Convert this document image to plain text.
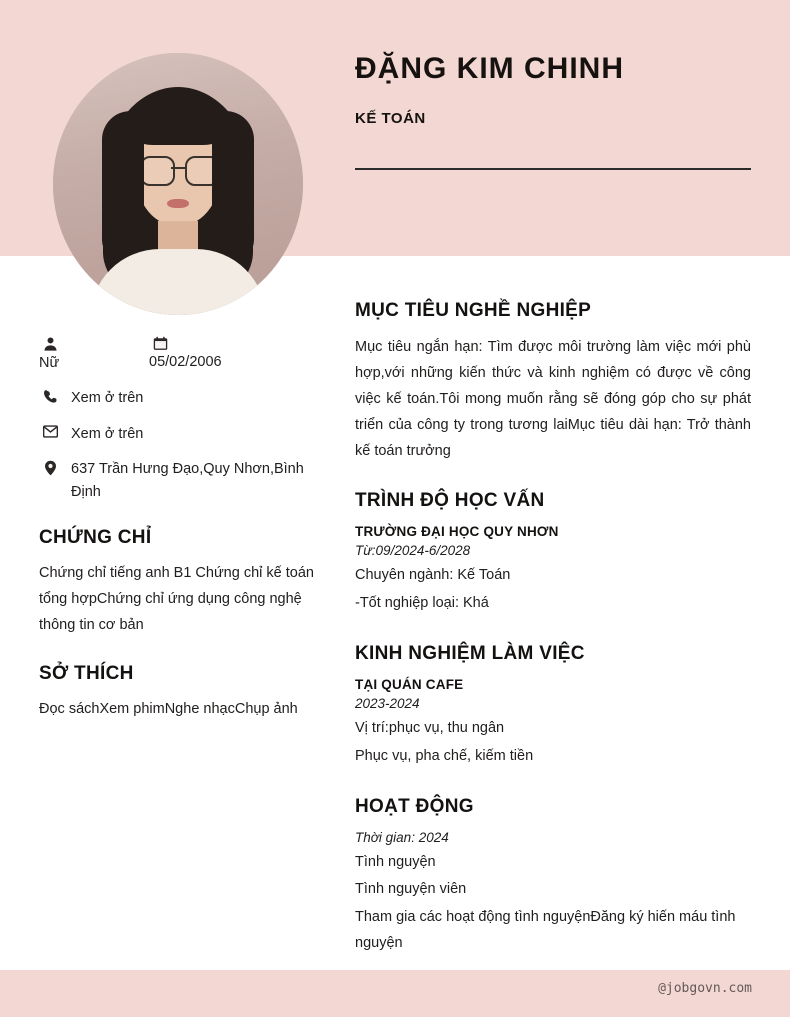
ĐẶNG KIM CHINH
KẾ TOÁN
Nữ	05/02/2006
Xem ở trên
Xem ở trên
637 Trần Hưng Đạo,Quy Nhơn,Bình Định
CHỨNG CHỈ

Chứng chỉ tiếng anh B1 Chứng chỉ kế toán tổng hợpChứng chỉ ứng dụng công nghệ thông tin cơ bản

SỞ THÍCH

Đọc sáchXem phimNghe nhạcChụp ảnh

MỤC TIÊU NGHỀ NGHIỆP

Mục tiêu ngắn hạn: Tìm được môi trường làm việc mới phù hợp,với những kiến thức và kinh nghiệm có được về công việc kế toán.Tôi mong muốn rằng sẽ đóng góp cho sự phát triển của công ty trong tương laiMục tiêu dài hạn: Trở thành kế toán trưởng

TRÌNH ĐỘ HỌC VẤN

TRƯỜNG ĐẠI HỌC QUY NHƠN

Từ:09/2024-6/2028

Chuyên ngành: Kế Toán

-Tốt nghiệp loại: Khá

KINH NGHIỆM LÀM VIỆC

TẠI QUÁN CAFE

2023-2024

Vị trí:phục vụ, thu ngân

Phục vụ, pha chế, kiếm tiền

HOẠT ĐỘNG

Thời gian: 2024

Tình nguyện

Tình nguyện viên

Tham gia các hoạt động tình nguyệnĐăng ký hiến máu tình nguyện

@jobgovn.com
